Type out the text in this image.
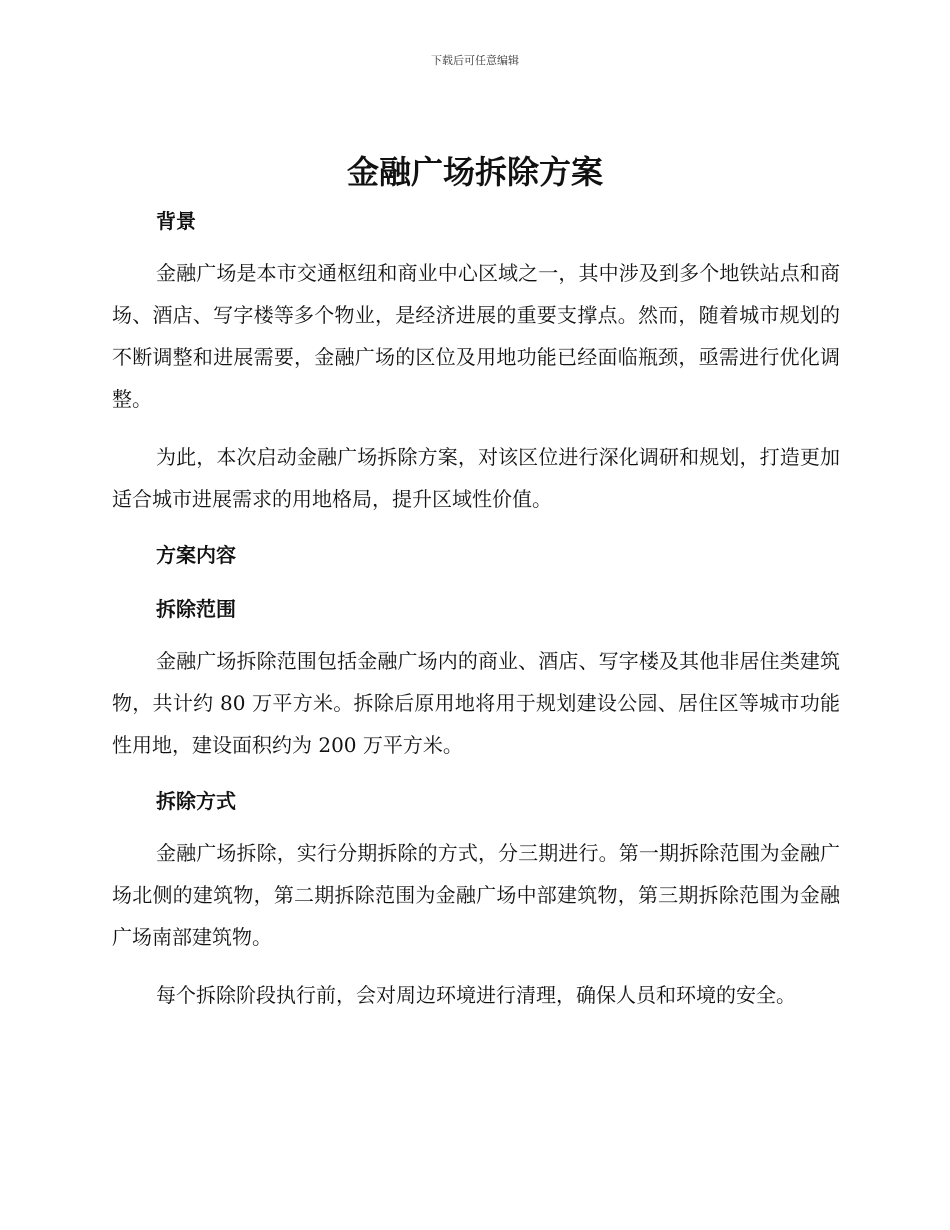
下载后可任意编辑
金融广场拆除方案
背景

金融广场是本市交通枢纽和商业中心区域之一，其中涉及到多个地铁站点和商场、酒店、写字楼等多个物业，是经济进展的重要支撑点。然而，随着城市规划的不断调整和进展需要，金融广场的区位及用地功能已经面临瓶颈，亟需进行优化调整。

为此，本次启动金融广场拆除方案，对该区位进行深化调研和规划，打造更加适合城市进展需求的用地格局，提升区域性价值。

方案内容
拆除范围

金融广场拆除范围包括金融广场内的商业、酒店、写字楼及其他非居住类建筑物，共计约 80 万平方米。拆除后原用地将用于规划建设公园、居住区等城市功能性用地，建设面积约为 200 万平方米。

拆除方式

金融广场拆除，实行分期拆除的方式，分三期进行。第一期拆除范围为金融广场北侧的建筑物，第二期拆除范围为金融广场中部建筑物，第三期拆除范围为金融广场南部建筑物。

每个拆除阶段执行前，会对周边环境进行清理，确保人员和环境的安全。
